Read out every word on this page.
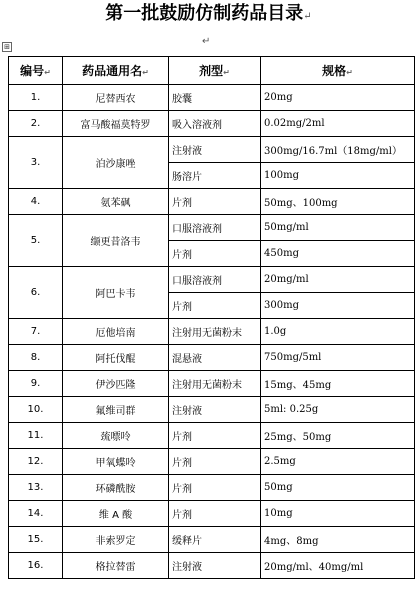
第一批鼓励仿制药品目录↵
⊞	↵
编号↵	药品通用名↵	剂型↵	规格↵
1.	尼替西农	胶囊	20mg
2.	富马酸福莫特罗	吸入溶液剂	0.02mg/2ml
3.	泊沙康唑	注射液	300mg/16.7ml（18mg/ml）
		肠溶片	100mg
4.	氨苯砜	片剂	50mg、100mg
5.	缬更昔洛韦	口服溶液剂	50mg/ml
		片剂	450mg
6.	阿巴卡韦	口服溶液剂	20mg/ml
		片剂	300mg
7.	厄他培南	注射用无菌粉末	1.0g
8.	阿托伐醌	混悬液	750mg/5ml
9.	伊沙匹隆	注射用无菌粉末	15mg、45mg
10.	氟维司群	注射液	5ml: 0.25g
11.	巯嘌呤	片剂	25mg、50mg
12.	甲氧蝶呤	片剂	2.5mg
13.	环磷酰胺	片剂	50mg
14.	维 A 酸	片剂	10mg
15.	非索罗定	缓释片	4mg、8mg
16.	格拉替雷	注射液	20mg/ml、40mg/ml
